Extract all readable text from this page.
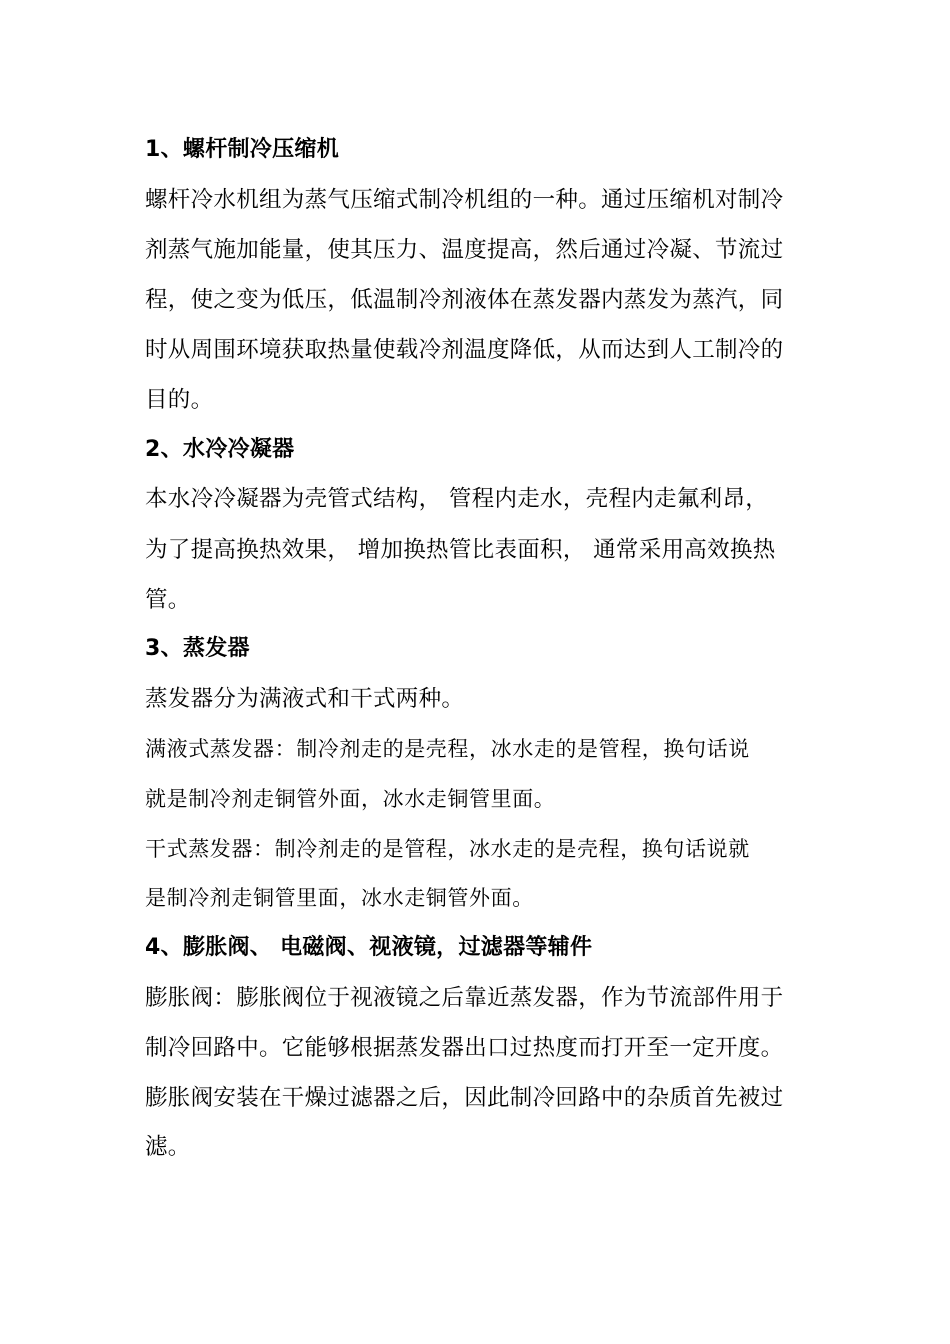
1、螺杆制冷压缩机
螺杆冷水机组为蒸气压缩式制冷机组的一种。通过压缩机对制冷
剂蒸气施加能量，使其压力、温度提高，然后通过冷凝、节流过
程，使之变为低压，低温制冷剂液体在蒸发器内蒸发为蒸汽，同
时从周围环境获取热量使载冷剂温度降低，从而达到人工制冷的
目的。
2、水冷冷凝器
本水冷冷凝器为壳管式结构， 管程内走水，壳程内走氟利昂，
为了提高换热效果， 增加换热管比表面积， 通常采用高效换热
管。
3、蒸发器
蒸发器分为满液式和干式两种。
满液式蒸发器：制冷剂走的是壳程，冰水走的是管程，换句话说
就是制冷剂走铜管外面，冰水走铜管里面。
干式蒸发器：制冷剂走的是管程，冰水走的是壳程，换句话说就
是制冷剂走铜管里面，冰水走铜管外面。
4、膨胀阀、 电磁阀、视液镜，过滤器等辅件
膨胀阀：膨胀阀位于视液镜之后靠近蒸发器，作为节流部件用于
制冷回路中。它能够根据蒸发器出口过热度而打开至一定开度。
膨胀阀安装在干燥过滤器之后，因此制冷回路中的杂质首先被过
滤。
